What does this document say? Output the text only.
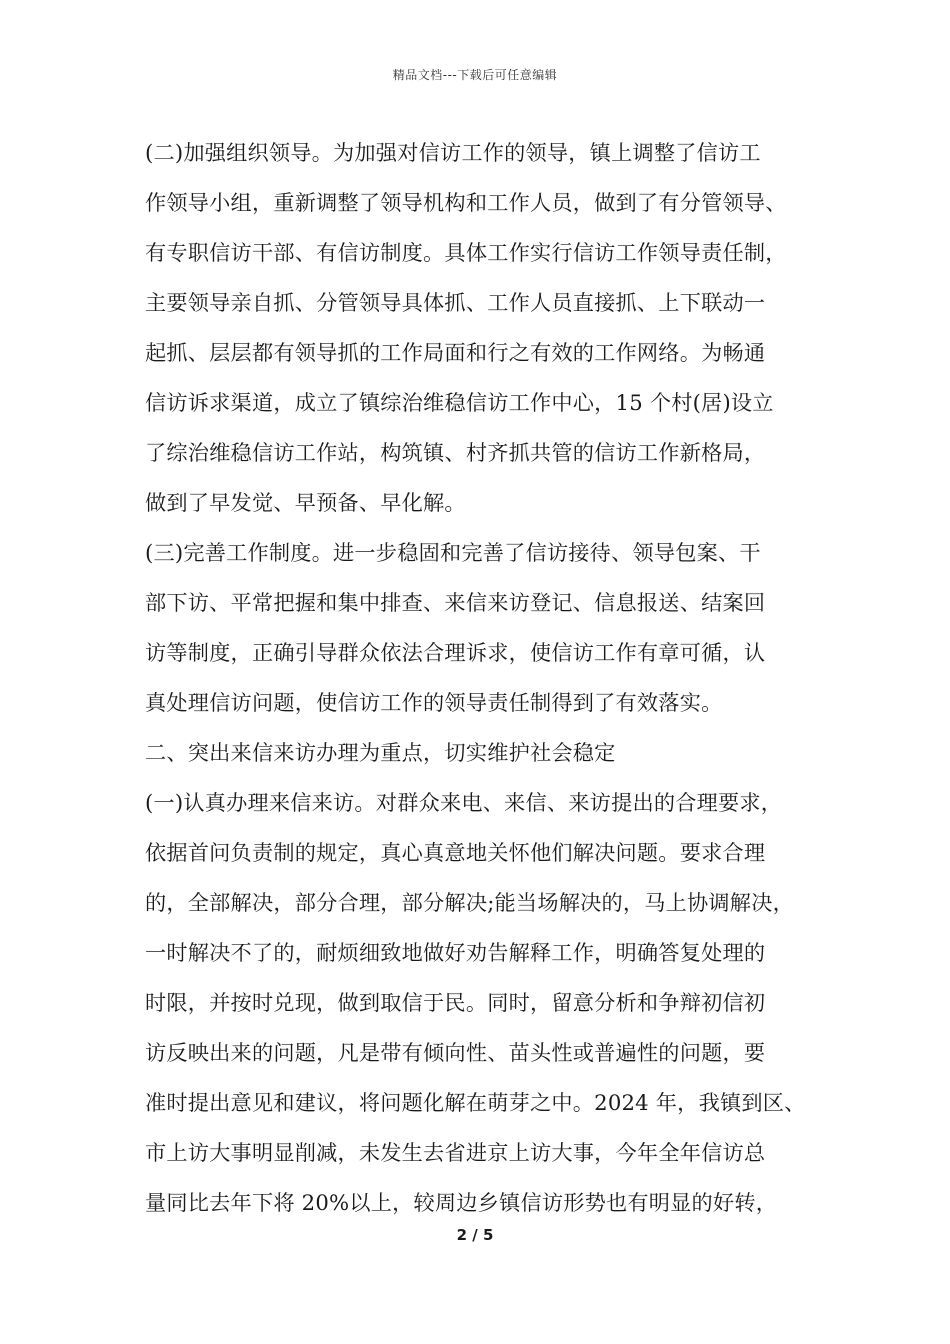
精品文档---下载后可任意编辑
(二)加强组织领导。为加强对信访工作的领导，镇上调整了信访工
作领导小组，重新调整了领导机构和工作人员，做到了有分管领导、
有专职信访干部、有信访制度。具体工作实行信访工作领导责任制，
主要领导亲自抓、分管领导具体抓、工作人员直接抓、上下联动一
起抓、层层都有领导抓的工作局面和行之有效的工作网络。为畅通
信访诉求渠道，成立了镇综治维稳信访工作中心，15 个村(居)设立
了综治维稳信访工作站，构筑镇、村齐抓共管的信访工作新格局，
做到了早发觉、早预备、早化解。
(三)完善工作制度。进一步稳固和完善了信访接待、领导包案、干
部下访、平常把握和集中排查、来信来访登记、信息报送、结案回
访等制度，正确引导群众依法合理诉求，使信访工作有章可循，认
真处理信访问题，使信访工作的领导责任制得到了有效落实。
二、突出来信来访办理为重点，切实维护社会稳定
(一)认真办理来信来访。对群众来电、来信、来访提出的合理要求，
依据首问负责制的规定，真心真意地关怀他们解决问题。要求合理
的，全部解决，部分合理，部分解决;能当场解决的，马上协调解决，
一时解决不了的，耐烦细致地做好劝告解释工作，明确答复处理的
时限，并按时兑现，做到取信于民。同时，留意分析和争辩初信初
访反映出来的问题，凡是带有倾向性、苗头性或普遍性的问题，要
准时提出意见和建议，将问题化解在萌芽之中。2024 年，我镇到区、
市上访大事明显削减，未发生去省进京上访大事，今年全年信访总
量同比去年下将 20%以上，较周边乡镇信访形势也有明显的好转，
2 / 5
